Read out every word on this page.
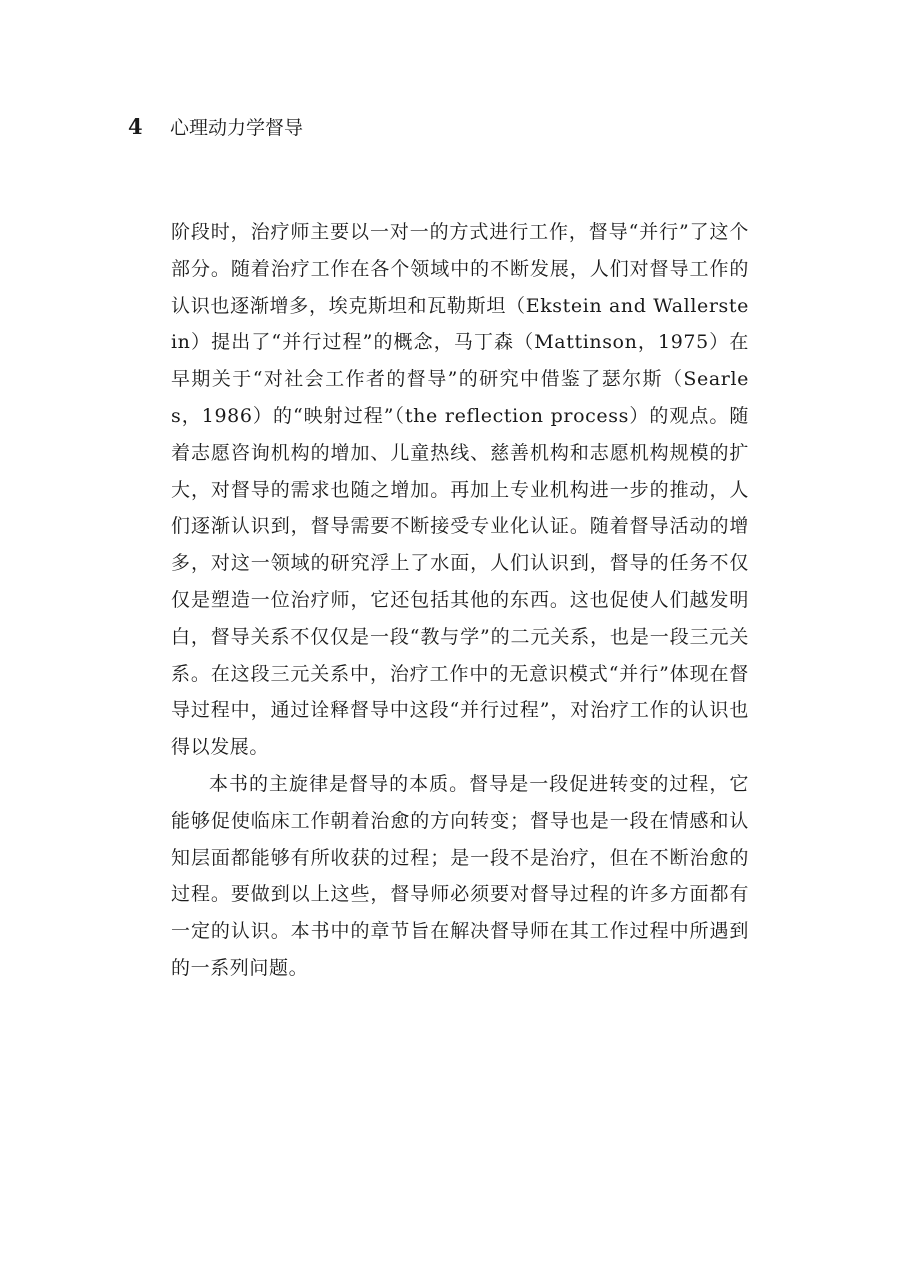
4	心理动力学督导

阶段时，治疗师主要以一对一的方式进行工作，督导“并行”了这个部分。随着治疗工作在各个领域中的不断发展，人们对督导工作的认识也逐渐增多，埃克斯坦和瓦勒斯坦（Ekstein and Wallerstein）提出了“并行过程”的概念，马丁森（Mattinson，1975）在早期关于“对社会工作者的督导”的研究中借鉴了瑟尔斯（Searles，1986）的“映射过程”（the reflection process）的观点。随着志愿咨询机构的增加、儿童热线、慈善机构和志愿机构规模的扩大，对督导的需求也随之增加。再加上专业机构进一步的推动，人们逐渐认识到，督导需要不断接受专业化认证。随着督导活动的增多，对这一领域的研究浮上了水面，人们认识到，督导的任务不仅仅是塑造一位治疗师，它还包括其他的东西。这也促使人们越发明白，督导关系不仅仅是一段“教与学”的二元关系，也是一段三元关系。在这段三元关系中，治疗工作中的无意识模式“并行”体现在督导过程中，通过诠释督导中这段“并行过程”，对治疗工作的认识也得以发展。

本书的主旋律是督导的本质。督导是一段促进转变的过程，它能够促使临床工作朝着治愈的方向转变；督导也是一段在情感和认知层面都能够有所收获的过程；是一段不是治疗，但在不断治愈的过程。要做到以上这些，督导师必须要对督导过程的许多方面都有一定的认识。本书中的章节旨在解决督导师在其工作过程中所遇到的一系列问题。
